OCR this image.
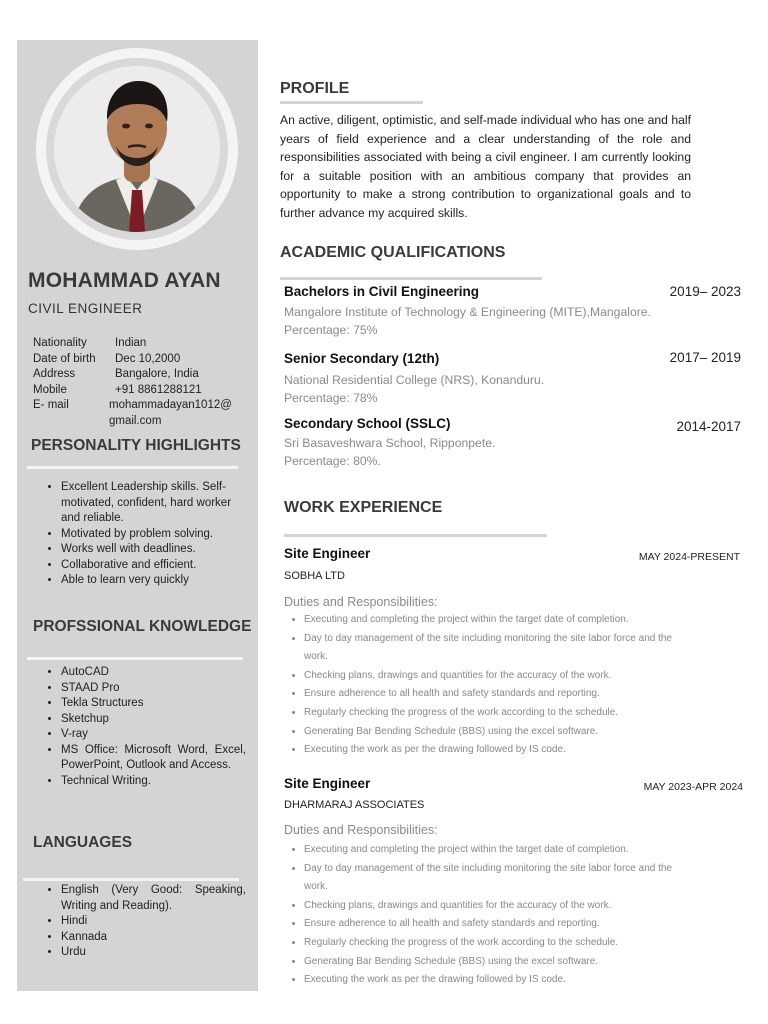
MOHAMMAD AYAN
CIVIL ENGINEER
Nationality	Indian
Date of birth	Dec 10,2000
Address	Bangalore, India
Mobile	+91 8861288121
E- mail	mohammadayan1012@
gmail.com
PERSONALITY HIGHLIGHTS
• Excellent Leadership skills. Self-motivated, confident, hard worker and reliable.
• Motivated by problem solving.
• Works well with deadlines.
• Collaborative and efficient.
• Able to learn very quickly
PROFSSIONAL KNOWLEDGE
• AutoCAD
• STAAD Pro
• Tekla Structures
• Sketchup
• V-ray
• MS Office: Microsoft Word, Excel, PowerPoint, Outlook and Access.
• Technical Writing.
LANGUAGES
• English (Very Good: Speaking, Writing and Reading).
• Hindi
• Kannada
• Urdu
PROFILE

An active, diligent, optimistic, and self-made individual who has one and half years of field experience and a clear understanding of the role and responsibilities associated with being a civil engineer. I am currently looking for a suitable position with an ambitious company that provides an opportunity to make a strong contribution to organizational goals and to further advance my acquired skills.

ACADEMIC QUALIFICATIONS
Bachelors in Civil Engineering	2019– 2023
Mangalore Institute of Technology & Engineering (MITE),Mangalore.
Percentage: 75%
Senior Secondary (12th)	2017– 2019
National Residential College (NRS), Konanduru.
Percentage: 78%
Secondary School (SSLC)	2014-2017
Sri Basaveshwara School, Ripponpete.
Percentage: 80%.
WORK EXPERIENCE
Site Engineer	MAY 2024-PRESENT
SOBHA LTD
Duties and Responsibilities:
• Executing and completing the project within the target date of completion.
• Day to day management of the site including monitoring the site labor force and the work.
• Checking plans, drawings and quantities for the accuracy of the work.
• Ensure adherence to all health and safety standards and reporting.
• Regularly checking the progress of the work according to the schedule.
• Generating Bar Bending Schedule (BBS) using the excel software.
• Executing the work as per the drawing followed by IS code.
Site Engineer	MAY 2023-APR 2024
DHARMARAJ ASSOCIATES
Duties and Responsibilities:
• Executing and completing the project within the target date of completion.
• Day to day management of the site including monitoring the site labor force and the work.
• Checking plans, drawings and quantities for the accuracy of the work.
• Ensure adherence to all health and safety standards and reporting.
• Regularly checking the progress of the work according to the schedule.
• Generating Bar Bending Schedule (BBS) using the excel software.
• Executing the work as per the drawing followed by IS code.
